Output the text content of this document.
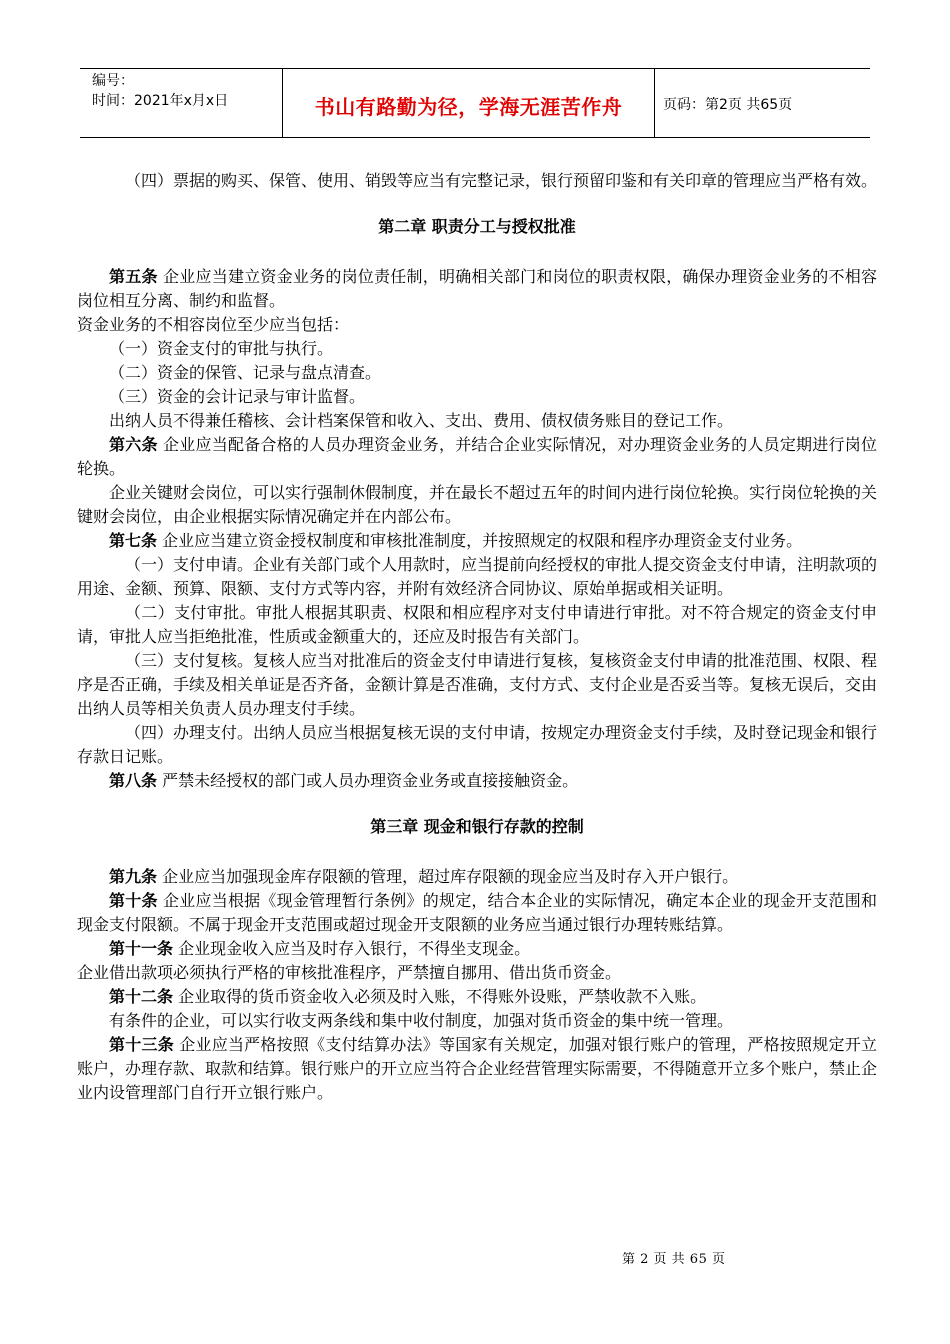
编号：
时间：2021年x月x日	书山有路勤为径，学海无涯苦作舟	页码：第2页 共65页

（四）票据的购买、保管、使用、销毁等应当有完整记录，银行预留印鉴和有关印章的管理应当严格有效。

第二章 职责分工与授权批准

第五条 企业应当建立资金业务的岗位责任制，明确相关部门和岗位的职责权限，确保办理资金业务的不相容岗位相互分离、制约和监督。

资金业务的不相容岗位至少应当包括：

（一）资金支付的审批与执行。

（二）资金的保管、记录与盘点清查。

（三）资金的会计记录与审计监督。

出纳人员不得兼任稽核、会计档案保管和收入、支出、费用、债权债务账目的登记工作。

第六条 企业应当配备合格的人员办理资金业务，并结合企业实际情况，对办理资金业务的人员定期进行岗位轮换。

企业关键财会岗位，可以实行强制休假制度，并在最长不超过五年的时间内进行岗位轮换。实行岗位轮换的关键财会岗位，由企业根据实际情况确定并在内部公布。

第七条 企业应当建立资金授权制度和审核批准制度，并按照规定的权限和程序办理资金支付业务。

（一）支付申请。企业有关部门或个人用款时，应当提前向经授权的审批人提交资金支付申请，注明款项的用途、金额、预算、限额、支付方式等内容，并附有效经济合同协议、原始单据或相关证明。

（二）支付审批。审批人根据其职责、权限和相应程序对支付申请进行审批。对不符合规定的资金支付申请，审批人应当拒绝批准，性质或金额重大的，还应及时报告有关部门。

（三）支付复核。复核人应当对批准后的资金支付申请进行复核，复核资金支付申请的批准范围、权限、程序是否正确，手续及相关单证是否齐备，金额计算是否准确，支付方式、支付企业是否妥当等。复核无误后，交由出纳人员等相关负责人员办理支付手续。

（四）办理支付。出纳人员应当根据复核无误的支付申请，按规定办理资金支付手续，及时登记现金和银行存款日记账。

第八条 严禁未经授权的部门或人员办理资金业务或直接接触资金。

第三章 现金和银行存款的控制

第九条 企业应当加强现金库存限额的管理，超过库存限额的现金应当及时存入开户银行。

第十条 企业应当根据《现金管理暂行条例》的规定，结合本企业的实际情况，确定本企业的现金开支范围和现金支付限额。不属于现金开支范围或超过现金开支限额的业务应当通过银行办理转账结算。

第十一条 企业现金收入应当及时存入银行，不得坐支现金。

企业借出款项必须执行严格的审核批准程序，严禁擅自挪用、借出货币资金。

第十二条 企业取得的货币资金收入必须及时入账，不得账外设账，严禁收款不入账。

有条件的企业，可以实行收支两条线和集中收付制度，加强对货币资金的集中统一管理。

第十三条 企业应当严格按照《支付结算办法》等国家有关规定，加强对银行账户的管理，严格按照规定开立账户，办理存款、取款和结算。银行账户的开立应当符合企业经营管理实际需要，不得随意开立多个账户，禁止企业内设管理部门自行开立银行账户。

第 2 页 共 65 页
